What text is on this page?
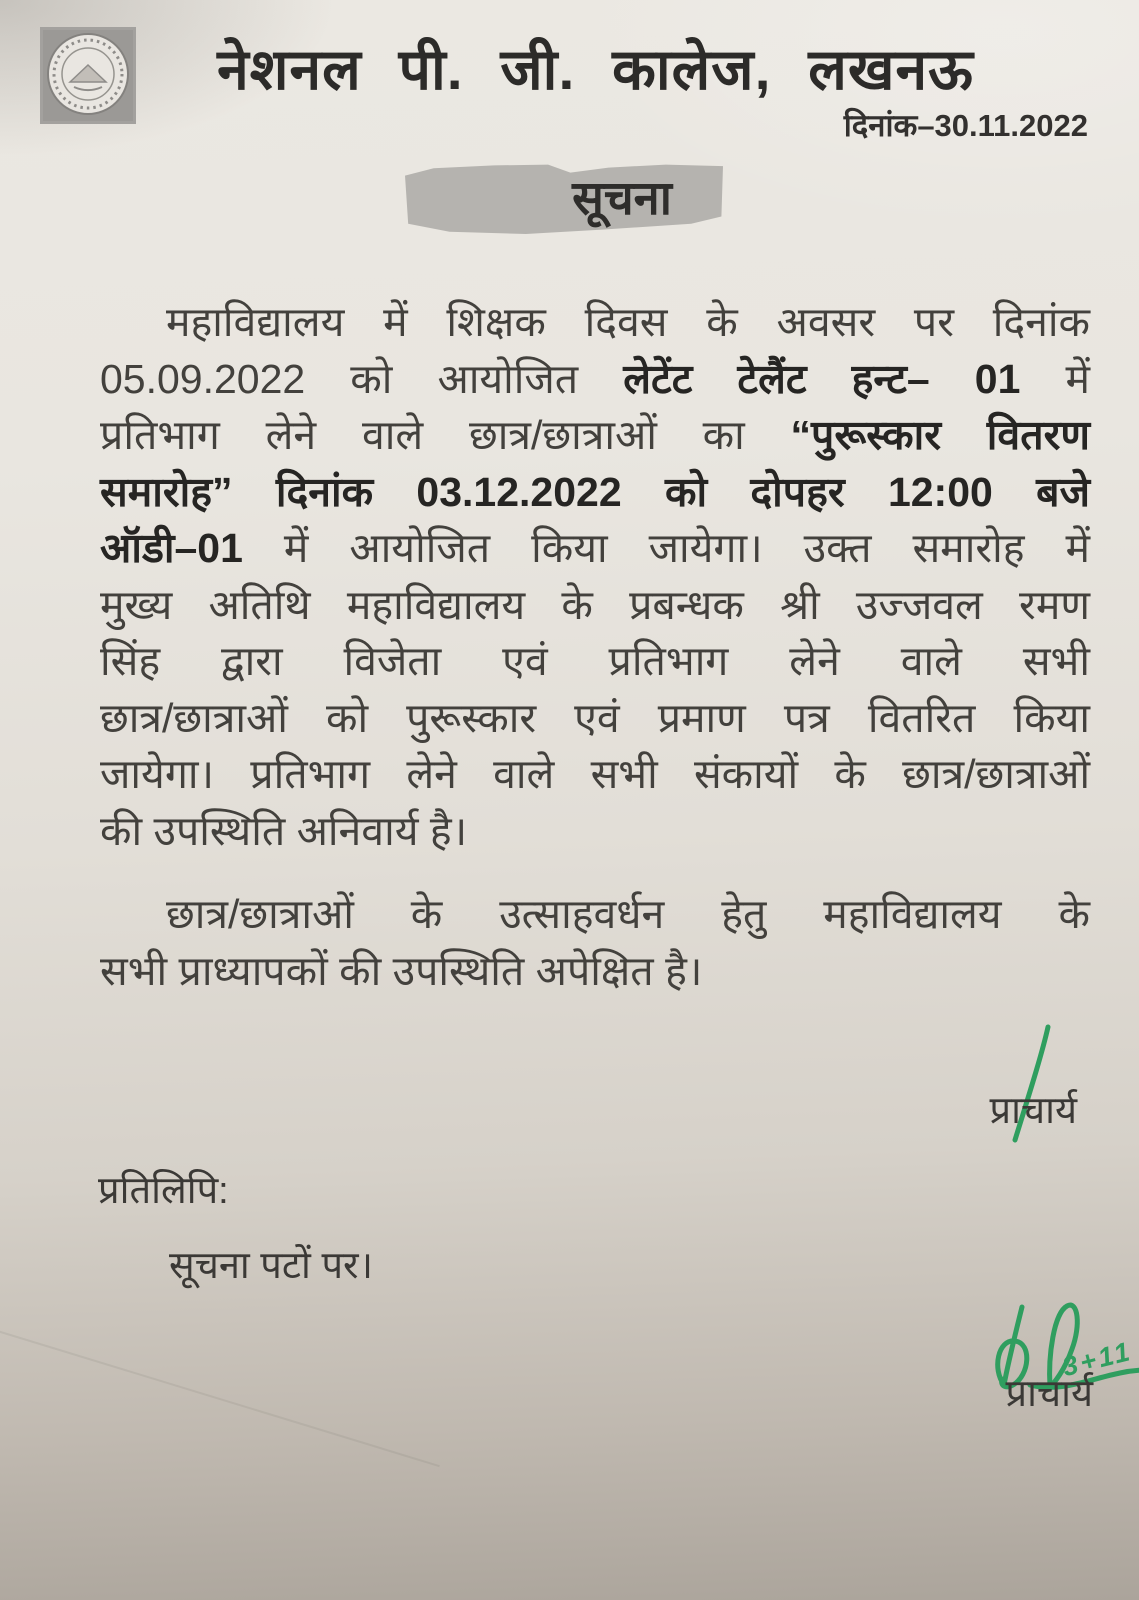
नेशनल पी. जी. कालेज, लखनऊ
दिनांक–30.11.2022
सूचना
महाविद्यालय में शिक्षक दिवस के अवसर पर दिनांक
05.09.2022 को आयोजित लेटेंट टेलैंट हन्ट– 01 में
प्रतिभाग लेने वाले छात्र/छात्राओं का “पुरूस्कार वितरण
समारोह” दिनांक 03.12.2022 को दोपहर 12:00 बजे
ऑडी–01 में आयोजित किया जायेगा। उक्त समारोह में
मुख्य अतिथि महाविद्यालय के प्रबन्धक श्री उज्जवल रमण
सिंह द्वारा विजेता एवं प्रतिभाग लेने वाले सभी
छात्र/छात्राओं को पुरूस्कार एवं प्रमाण पत्र वितरित किया
जायेगा। प्रतिभाग लेने वाले सभी संकायों के छात्र/छात्राओं
की उपस्थिति अनिवार्य है।
छात्र/छात्राओं के उत्साहवर्धन हेतु महाविद्यालय के
सभी प्राध्यापकों की उपस्थिति अपेक्षित है।
प्राचार्य
प्रतिलिपि:
सूचना पटों पर।
प्राचार्य
3+11
